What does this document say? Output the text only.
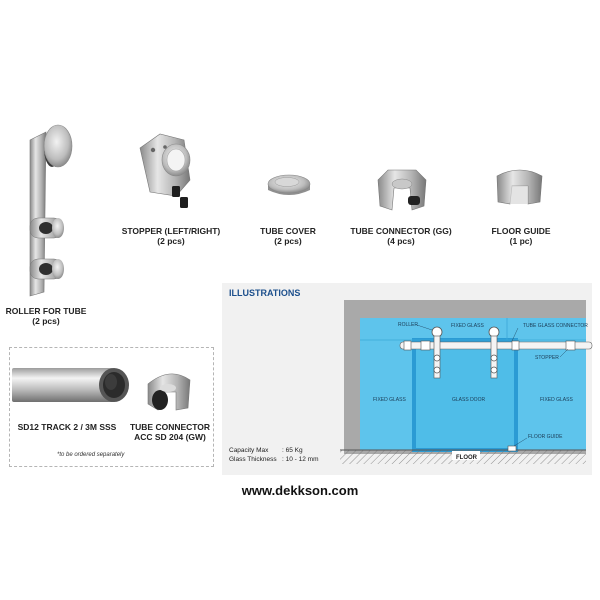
ROLLER FOR TUBE
(2 pcs)
STOPPER (LEFT/RIGHT)
(2 pcs)
TUBE COVER
(2 pcs)
TUBE CONNECTOR (GG)
(4 pcs)
FLOOR GUIDE
(1 pc)
SD12 TRACK 2 / 3M SSS	TUBE CONNECTOR
ACC SD 204 (GW)
*to be ordered separately
ILLUSTRATIONS
ROLLER	FIXED GLASS	TUBE GLASS CONNECTOR
STOPPER
FIXED GLASS	GLASS DOOR	FIXED GLASS
FLOOR GUIDE
FLOOR
Capacity Max : 65 Kg
Glass Thickness : 10 - 12 mm
www.dekkson.com
